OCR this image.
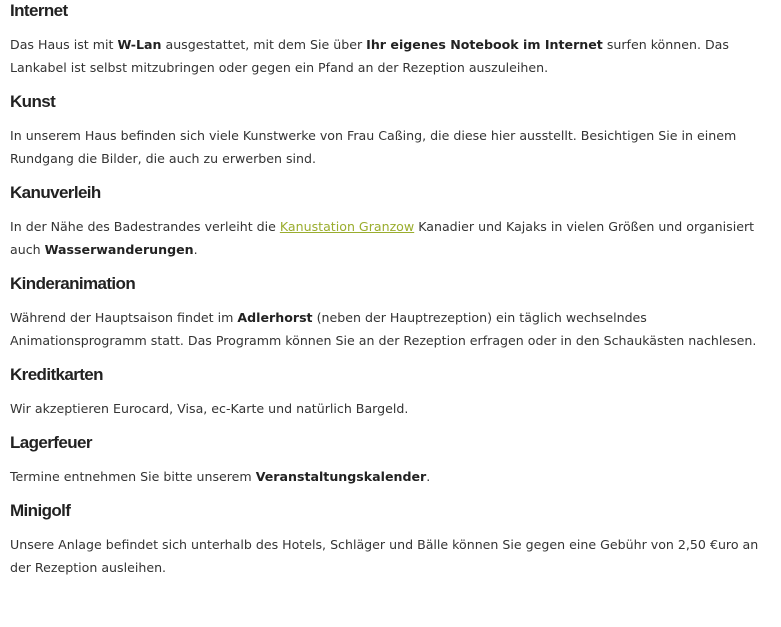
Internet

Das Haus ist mit W-Lan ausgestattet, mit dem Sie über Ihr eigenes Notebook im Internet surfen können. Das Lankabel ist selbst mitzubringen oder gegen ein Pfand an der Rezeption auszuleihen.

Kunst

In unserem Haus befinden sich viele Kunstwerke von Frau Caßing, die diese hier ausstellt. Besichtigen Sie in einem Rundgang die Bilder, die auch zu erwerben sind.

Kanuverleih

In der Nähe des Badestrandes verleiht die Kanustation Granzow Kanadier und Kajaks in vielen Größen und organisiert auch Wasserwanderungen.

Kinderanimation

Während der Hauptsaison findet im Adlerhorst (neben der Hauptrezeption) ein täglich wechselndes Animationsprogramm statt. Das Programm können Sie an der Rezeption erfragen oder in den Schaukästen nachlesen.

Kreditkarten

Wir akzeptieren Eurocard, Visa, ec-Karte und natürlich Bargeld.

Lagerfeuer

Termine entnehmen Sie bitte unserem Veranstaltungskalender.

Minigolf

Unsere Anlage befindet sich unterhalb des Hotels, Schläger und Bälle können Sie gegen eine Gebühr von 2,50 €uro an der Rezeption ausleihen.
